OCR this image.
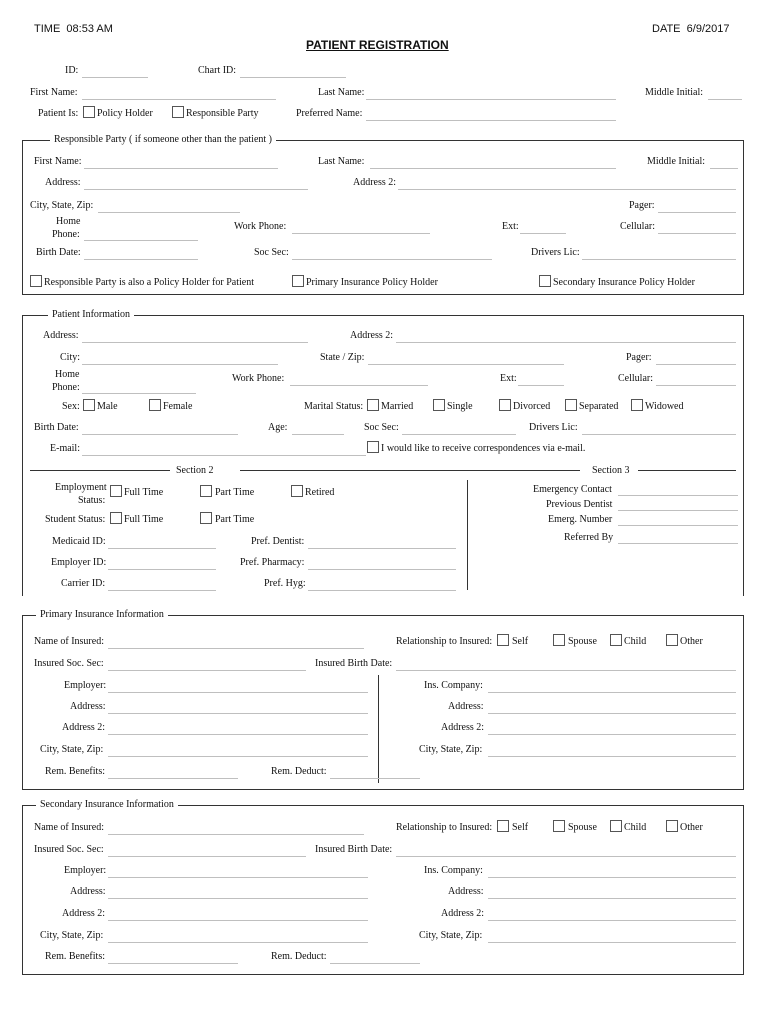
TIME 08:53 AM	DATE 6/9/2017
PATIENT REGISTRATION
ID:	Chart ID:
First Name:	Last Name:	Middle Initial:
Patient Is: Policy Holder	Responsible Party	Preferred Name:
Responsible Party ( if someone other than the patient )
First Name:	Last Name:	Middle Initial:
Address:	Address 2:
City, State, Zip:	Pager:
Home
Phone:
Work Phone:	Ext:	Cellular:
Birth Date:	Soc Sec:	Drivers Lic:
Responsible Party is also a Policy Holder for Patient	Primary Insurance Policy Holder	Secondary Insurance Policy Holder
Patient Information
Address:	Address 2:
City:	State / Zip:	Pager:
Home
Phone:
Work Phone:	Ext:	Cellular:
Sex: Male	Female	Marital Status: Married	Single	Divorced	Separated	Widowed
Birth Date:	Age:	Soc Sec:	Drivers Lic:
E-mail:	I would like to receive correspondences via e-mail.
Section 2	Section 3
Employment
Status:
Full Time	Part Time	Retired
Student Status: Full Time	Part Time
Medicaid ID:	Pref. Dentist:
Employer ID:	Pref. Pharmacy:
Carrier ID:	Pref. Hyg:
Emergency Contact
Previous Dentist
Emerg. Number
Referred By
Primary Insurance Information
Name of Insured:	Relationship to Insured: Self	Spouse	Child	Other
Insured Soc. Sec:	Insured Birth Date:
Employer:	Ins. Company:
Address:	Address:
Address 2:	Address 2:
City, State, Zip:	City, State, Zip:
Rem. Benefits:	Rem. Deduct:
Secondary Insurance Information
Name of Insured:	Relationship to Insured: Self	Spouse	Child	Other
Insured Soc. Sec:	Insured Birth Date:
Employer:	Ins. Company:
Address:	Address:
Address 2:	Address 2:
City, State, Zip:	City, State, Zip:
Rem. Benefits:	Rem. Deduct:
